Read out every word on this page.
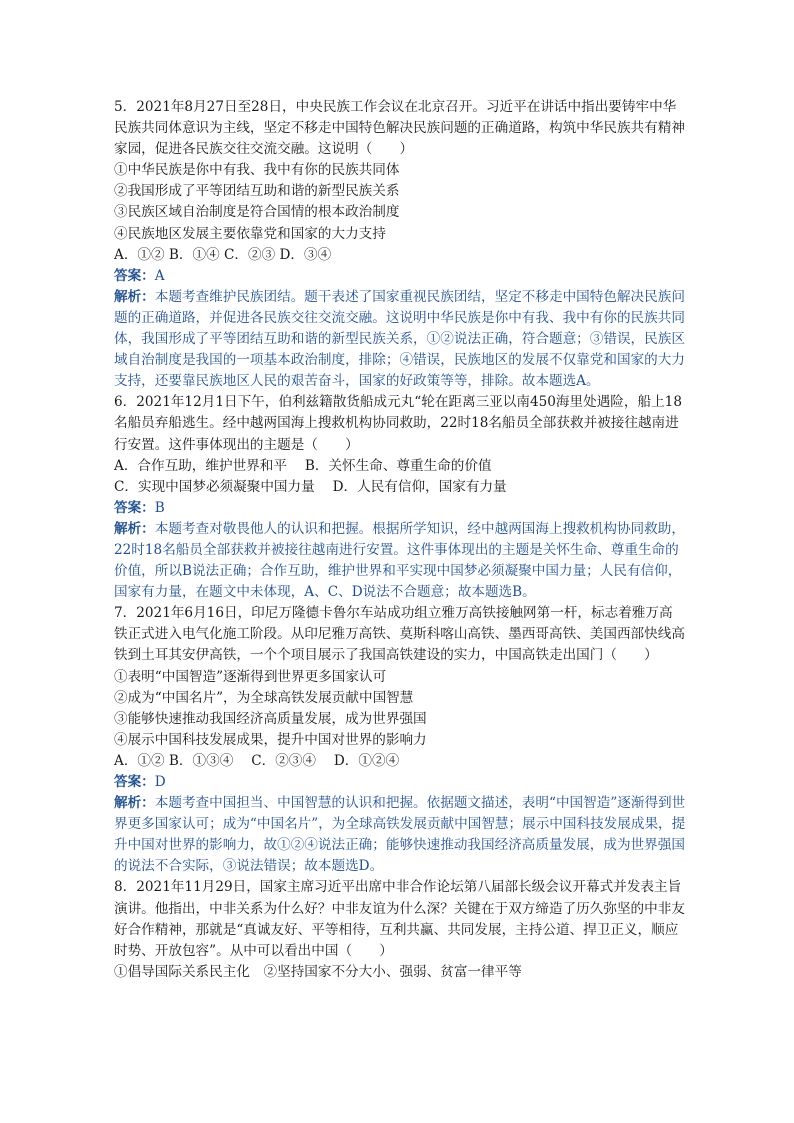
5．2021年8月27日至28日，中央民族工作会议在北京召开。习近平在讲话中指出要铸牢中华民族共同体意识为主线，坚定不移走中国特色解决民族问题的正确道路，构筑中华民族共有精神家园，促进各民族交往交流交融。这说明（　　）

①中华民族是你中有我、我中有你的民族共同体

②我国形成了平等团结互助和谐的新型民族关系

③民族区域自治制度是符合国情的根本政治制度

④民族地区发展主要依靠党和国家的大力支持

A．①② B．①④ C．②③ D．③④

答案：A

解析：本题考查维护民族团结。题干表述了国家重视民族团结，坚定不移走中国特色解决民族问题的正确道路，并促进各民族交往交流交融。这说明中华民族是你中有我、我中有你的民族共同体，我国形成了平等团结互助和谐的新型民族关系，①②说法正确，符合题意；③错误，民族区域自治制度是我国的一项基本政治制度，排除；④错误，民族地区的发展不仅靠党和国家的大力支持，还要靠民族地区人民的艰苦奋斗，国家的好政策等等，排除。故本题选A。

6．2021年12月1日下午，伯利兹籍散货船成元丸“轮在距离三亚以南450海里处遇险，船上18名船员弃船逃生。经中越两国海上搜救机构协同救助，22时18名船员全部获救并被接往越南进行安置。这件事体现出的主题是（　　）

A．合作互助，维护世界和平　 B．关怀生命、尊重生命的价值

C．实现中国梦必须凝聚中国力量　 D．人民有信仰，国家有力量

答案：B

解析：本题考查对敬畏他人的认识和把握。根据所学知识，经中越两国海上搜救机构协同救助，22时18名船员全部获救并被接往越南进行安置。这件事体现出的主题是关怀生命、尊重生命的价值，所以B说法正确；合作互助，维护世界和平实现中国梦必须凝聚中国力量；人民有信仰，国家有力量，在题文中未体现，A、C、D说法不合题意；故本题选B。

7．2021年6月16日，印尼万隆德卡鲁尔车站成功组立雅万高铁接触网第一杆，标志着雅万高铁正式进入电气化施工阶段。从印尼雅万高铁、莫斯科喀山高铁、墨西哥高铁、美国西部快线高铁到土耳其安伊高铁，一个个项目展示了我国高铁建设的实力，中国高铁走出国门（　　）

①表明“中国智造”逐渐得到世界更多国家认可

②成为“中国名片”，为全球高铁发展贡献中国智慧

③能够快速推动我国经济高质量发展，成为世界强国

④展示中国科技发展成果，提升中国对世界的影响力

A．①② B．①③④　 C．②③④　 D．①②④

答案：D

解析：本题考查中国担当、中国智慧的认识和把握。依据题文描述，表明“中国智造”逐渐得到世界更多国家认可；成为“中国名片”，为全球高铁发展贡献中国智慧；展示中国科技发展成果，提升中国对世界的影响力，故①②④说法正确；能够快速推动我国经济高质量发展，成为世界强国的说法不合实际，③说法错误；故本题选D。

8．2021年11月29日，国家主席习近平出席中非合作论坛第八届部长级会议开幕式并发表主旨演讲。他指出，中非关系为什么好？中非友谊为什么深？关键在于双方缔造了历久弥坚的中非友好合作精神，那就是“真诚友好、平等相待，互利共赢、共同发展，主持公道、捍卫正义，顺应时势、开放包容”。从中可以看出中国（　　）

①倡导国际关系民主化　②坚持国家不分大小、强弱、贫富一律平等
